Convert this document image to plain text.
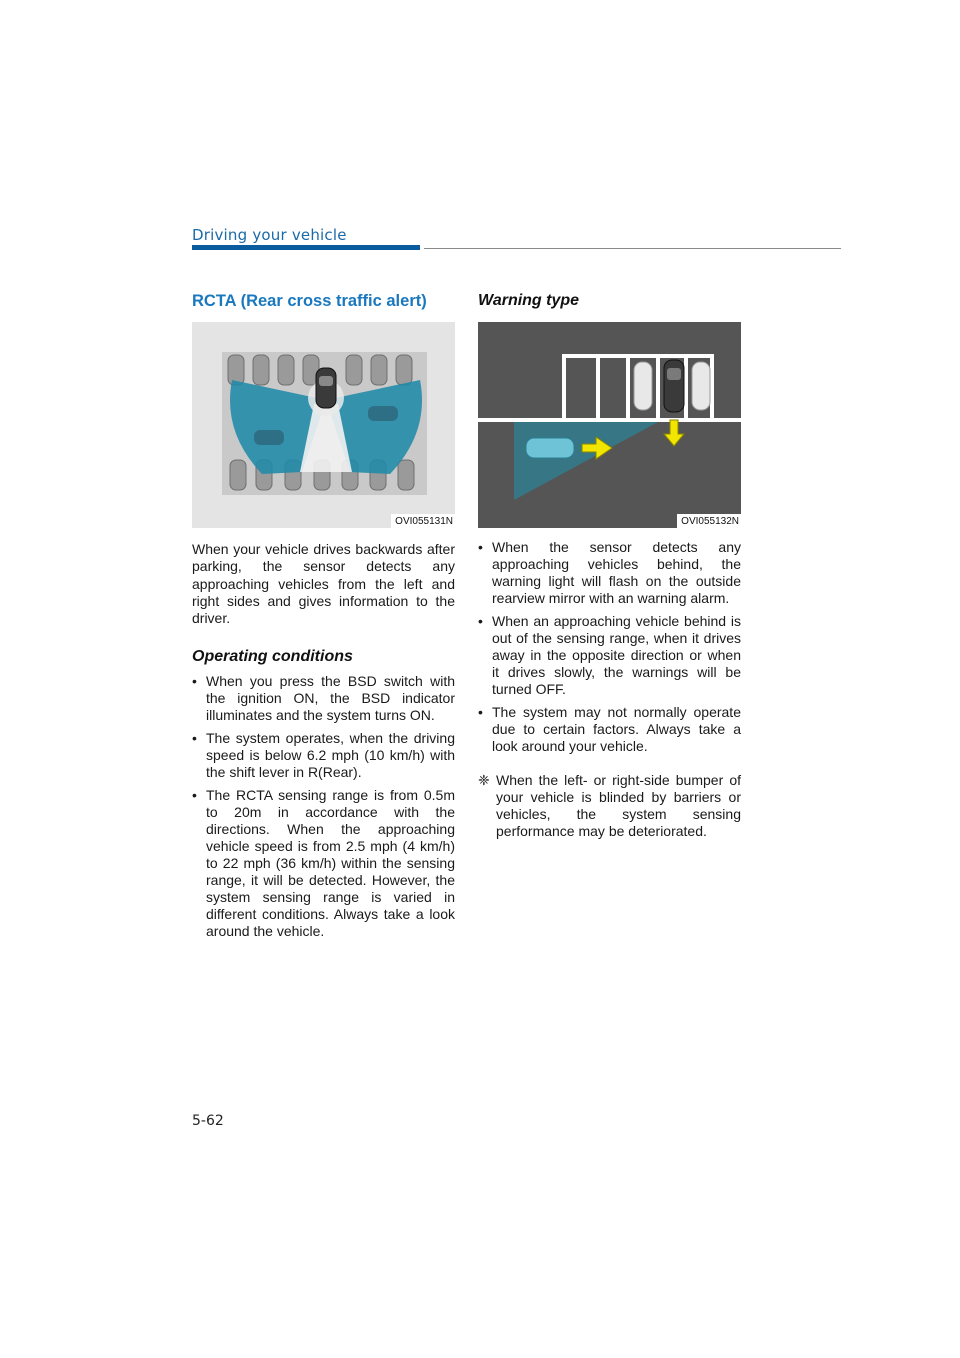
Driving your vehicle
RCTA (Rear cross traffic alert)
OVI055131N

When your vehicle drives backwards after parking, the sensor detects any approaching vehicles from the left and right sides and gives information to the driver.

Operating conditions
• When you press the BSD switch with the ignition ON, the BSD indicator illuminates and the system turns ON.
• The system operates, when the driving speed is below 6.2 mph (10 km/h) with the shift lever in R(Rear).
• The RCTA sensing range is from 0.5m to 20m in accordance with the directions. When the approaching vehicle speed is from 2.5 mph (4 km/h) to 22 mph (36 km/h) within the sensing range, it will be detected. However, the system sensing range is varied in different conditions. Always take a look around the vehicle.
Warning type
OVI055132N
• When the sensor detects any approaching vehicles behind, the warning light will flash on the outside rearview mirror with an warning alarm.
• When an approaching vehicle behind is out of the sensing range, when it drives away in the opposite direction or when it drives slowly, the warnings will be turned OFF.
• The system may not normally operate due to certain factors. Always take a look around your vehicle.
❈ When the left- or right-side bumper of your vehicle is blinded by barriers or vehicles, the system sensing performance may be deteriorated.
5-62
